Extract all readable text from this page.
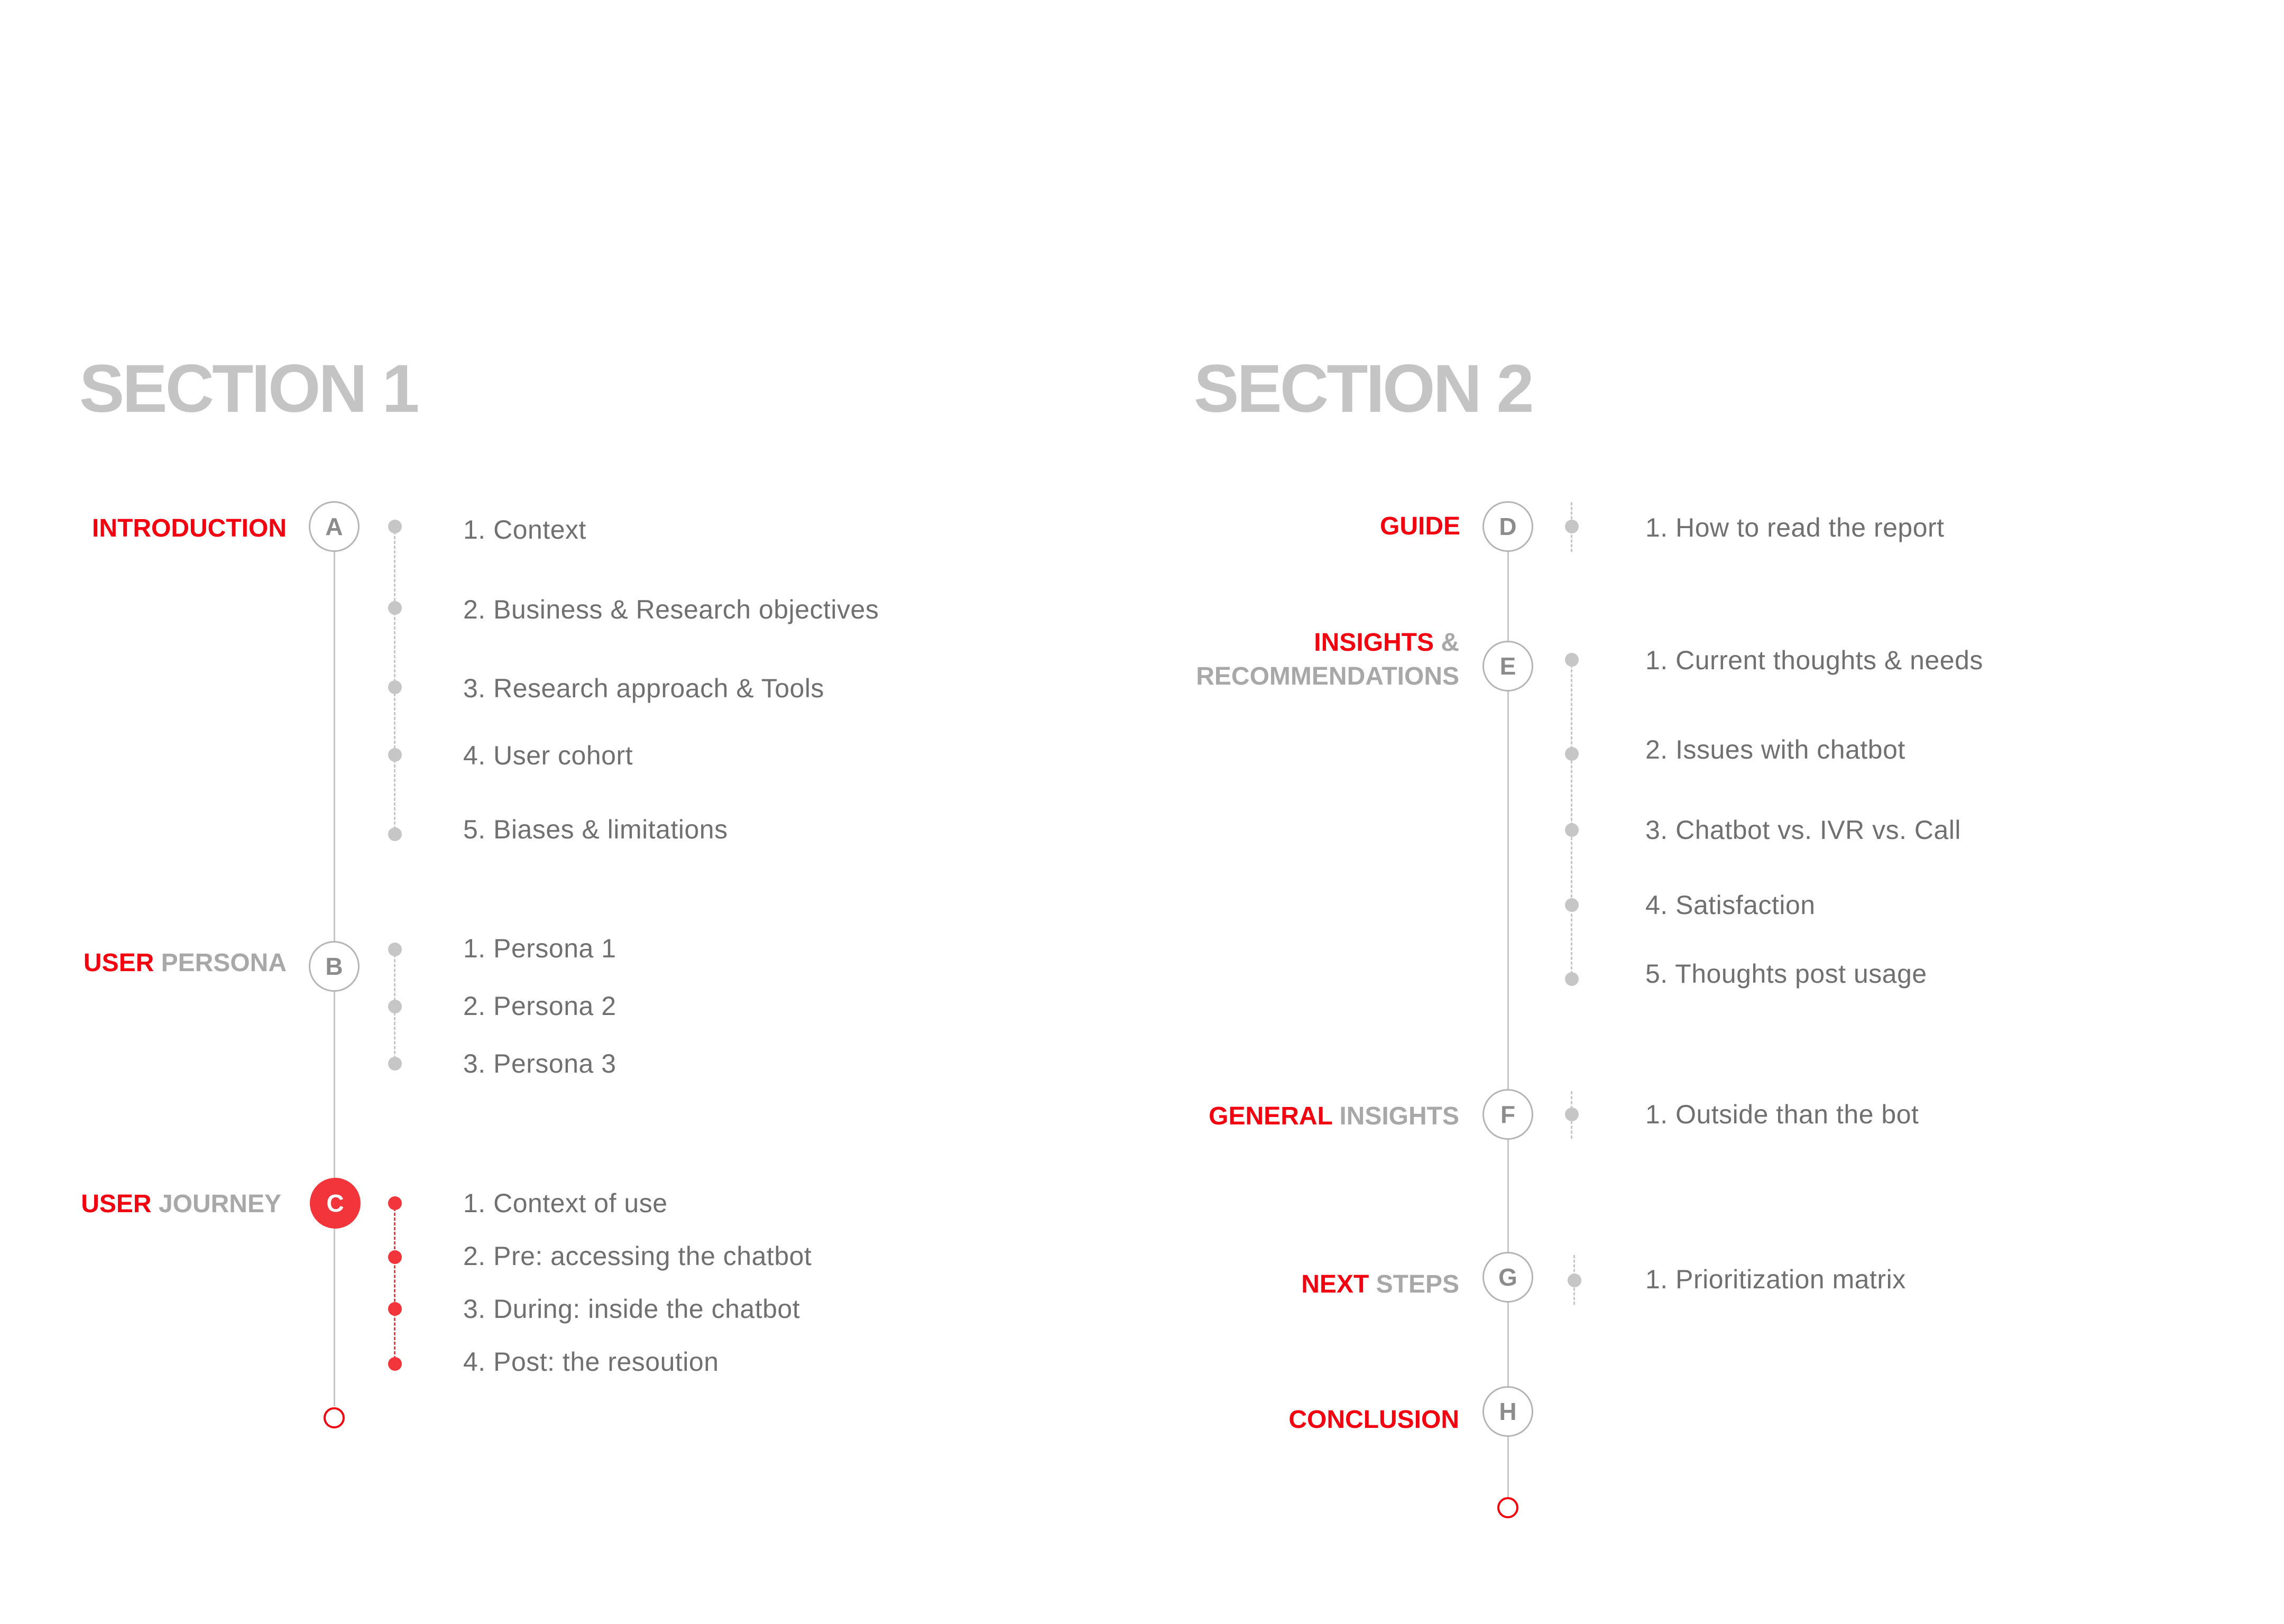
SECTION 1
INTRODUCTION	A	1. Context
2. Business & Research objectives
3. Research approach & Tools
4. User cohort
5. Biases & limitations
USER PERSONA	B
1. Persona 1
2. Persona 2
3. Persona 3
USER JOURNEY	C	1. Context of use
2. Pre: accessing the chatbot
3. During: inside the chatbot
4. Post: the resoution
SECTION 2
GUIDE	D	1. How to read the report
INSIGHTS &
RECOMMENDATIONS	E	1. Current thoughts & needs
2. Issues with chatbot
3. Chatbot vs. IVR vs. Call
4. Satisfaction
5. Thoughts post usage
GENERAL INSIGHTS	F	1. Outside than the bot
NEXT STEPS	G	1. Prioritization matrix
CONCLUSION	H
